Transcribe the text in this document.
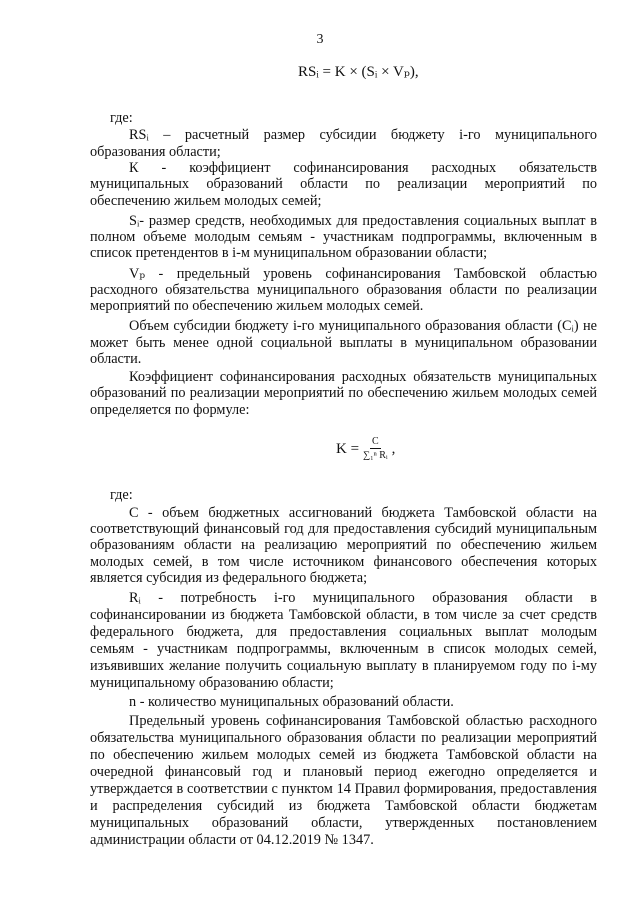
3
RSᵢ = K × (Sᵢ × Vₚ),
$K = \frac{C}{\text{∑₁ⁿ Rᵢ}}$ ,
где:
RSᵢ – расчетный размер субсидии бюджету i-го муниципального
образования области;
К - коэффициент софинансирования расходных обязательств
муниципальных образований области по реализации мероприятий по
обеспечению жильем молодых семей;
Sᵢ- размер средств, необходимых для предоставления социальных выплат в
полном объеме молодым семьям - участникам подпрограммы, включенным в
список претендентов в i-м муниципальном образовании области;
Vₚ - предельный уровень софинансирования Тамбовской областью
расходного обязательства муниципального образования области по реализации
мероприятий по обеспечению жильем молодых семей.
Объем субсидии бюджету i-го муниципального образования области (Cᵢ) не
может быть менее одной социальной выплаты в муниципальном образовании
области.
Коэффициент софинансирования расходных обязательств муниципальных
образований по реализации мероприятий по обеспечению жильем молодых семей
определяется по формуле:
где:
С - объем бюджетных ассигнований бюджета Тамбовской области на
соответствующий финансовый год для предоставления субсидий муниципальным
образованиям области на реализацию мероприятий по обеспечению жильем
молодых семей, в том числе источником финансового обеспечения которых
является субсидия из федерального бюджета;
Rᵢ - потребность i-го муниципального образования области в
софинансировании из бюджета Тамбовской области, в том числе за счет средств
федерального бюджета, для предоставления социальных выплат молодым
семьям - участникам подпрограммы, включенным в список молодых семей,
изъявивших желание получить социальную выплату в планируемом году по i-му
муниципальному образованию области;
n - количество муниципальных образований области.
Предельный уровень софинансирования Тамбовской областью расходного
обязательства муниципального образования области по реализации мероприятий
по обеспечению жильем молодых семей из бюджета Тамбовской области на
очередной финансовый год и плановый период ежегодно определяется и
утверждается в соответствии с пунктом 14 Правил формирования, предоставления
и распределения субсидий из бюджета Тамбовской области бюджетам
муниципальных образований области, утвержденных постановлением
администрации области от 04.12.2019 № 1347.
